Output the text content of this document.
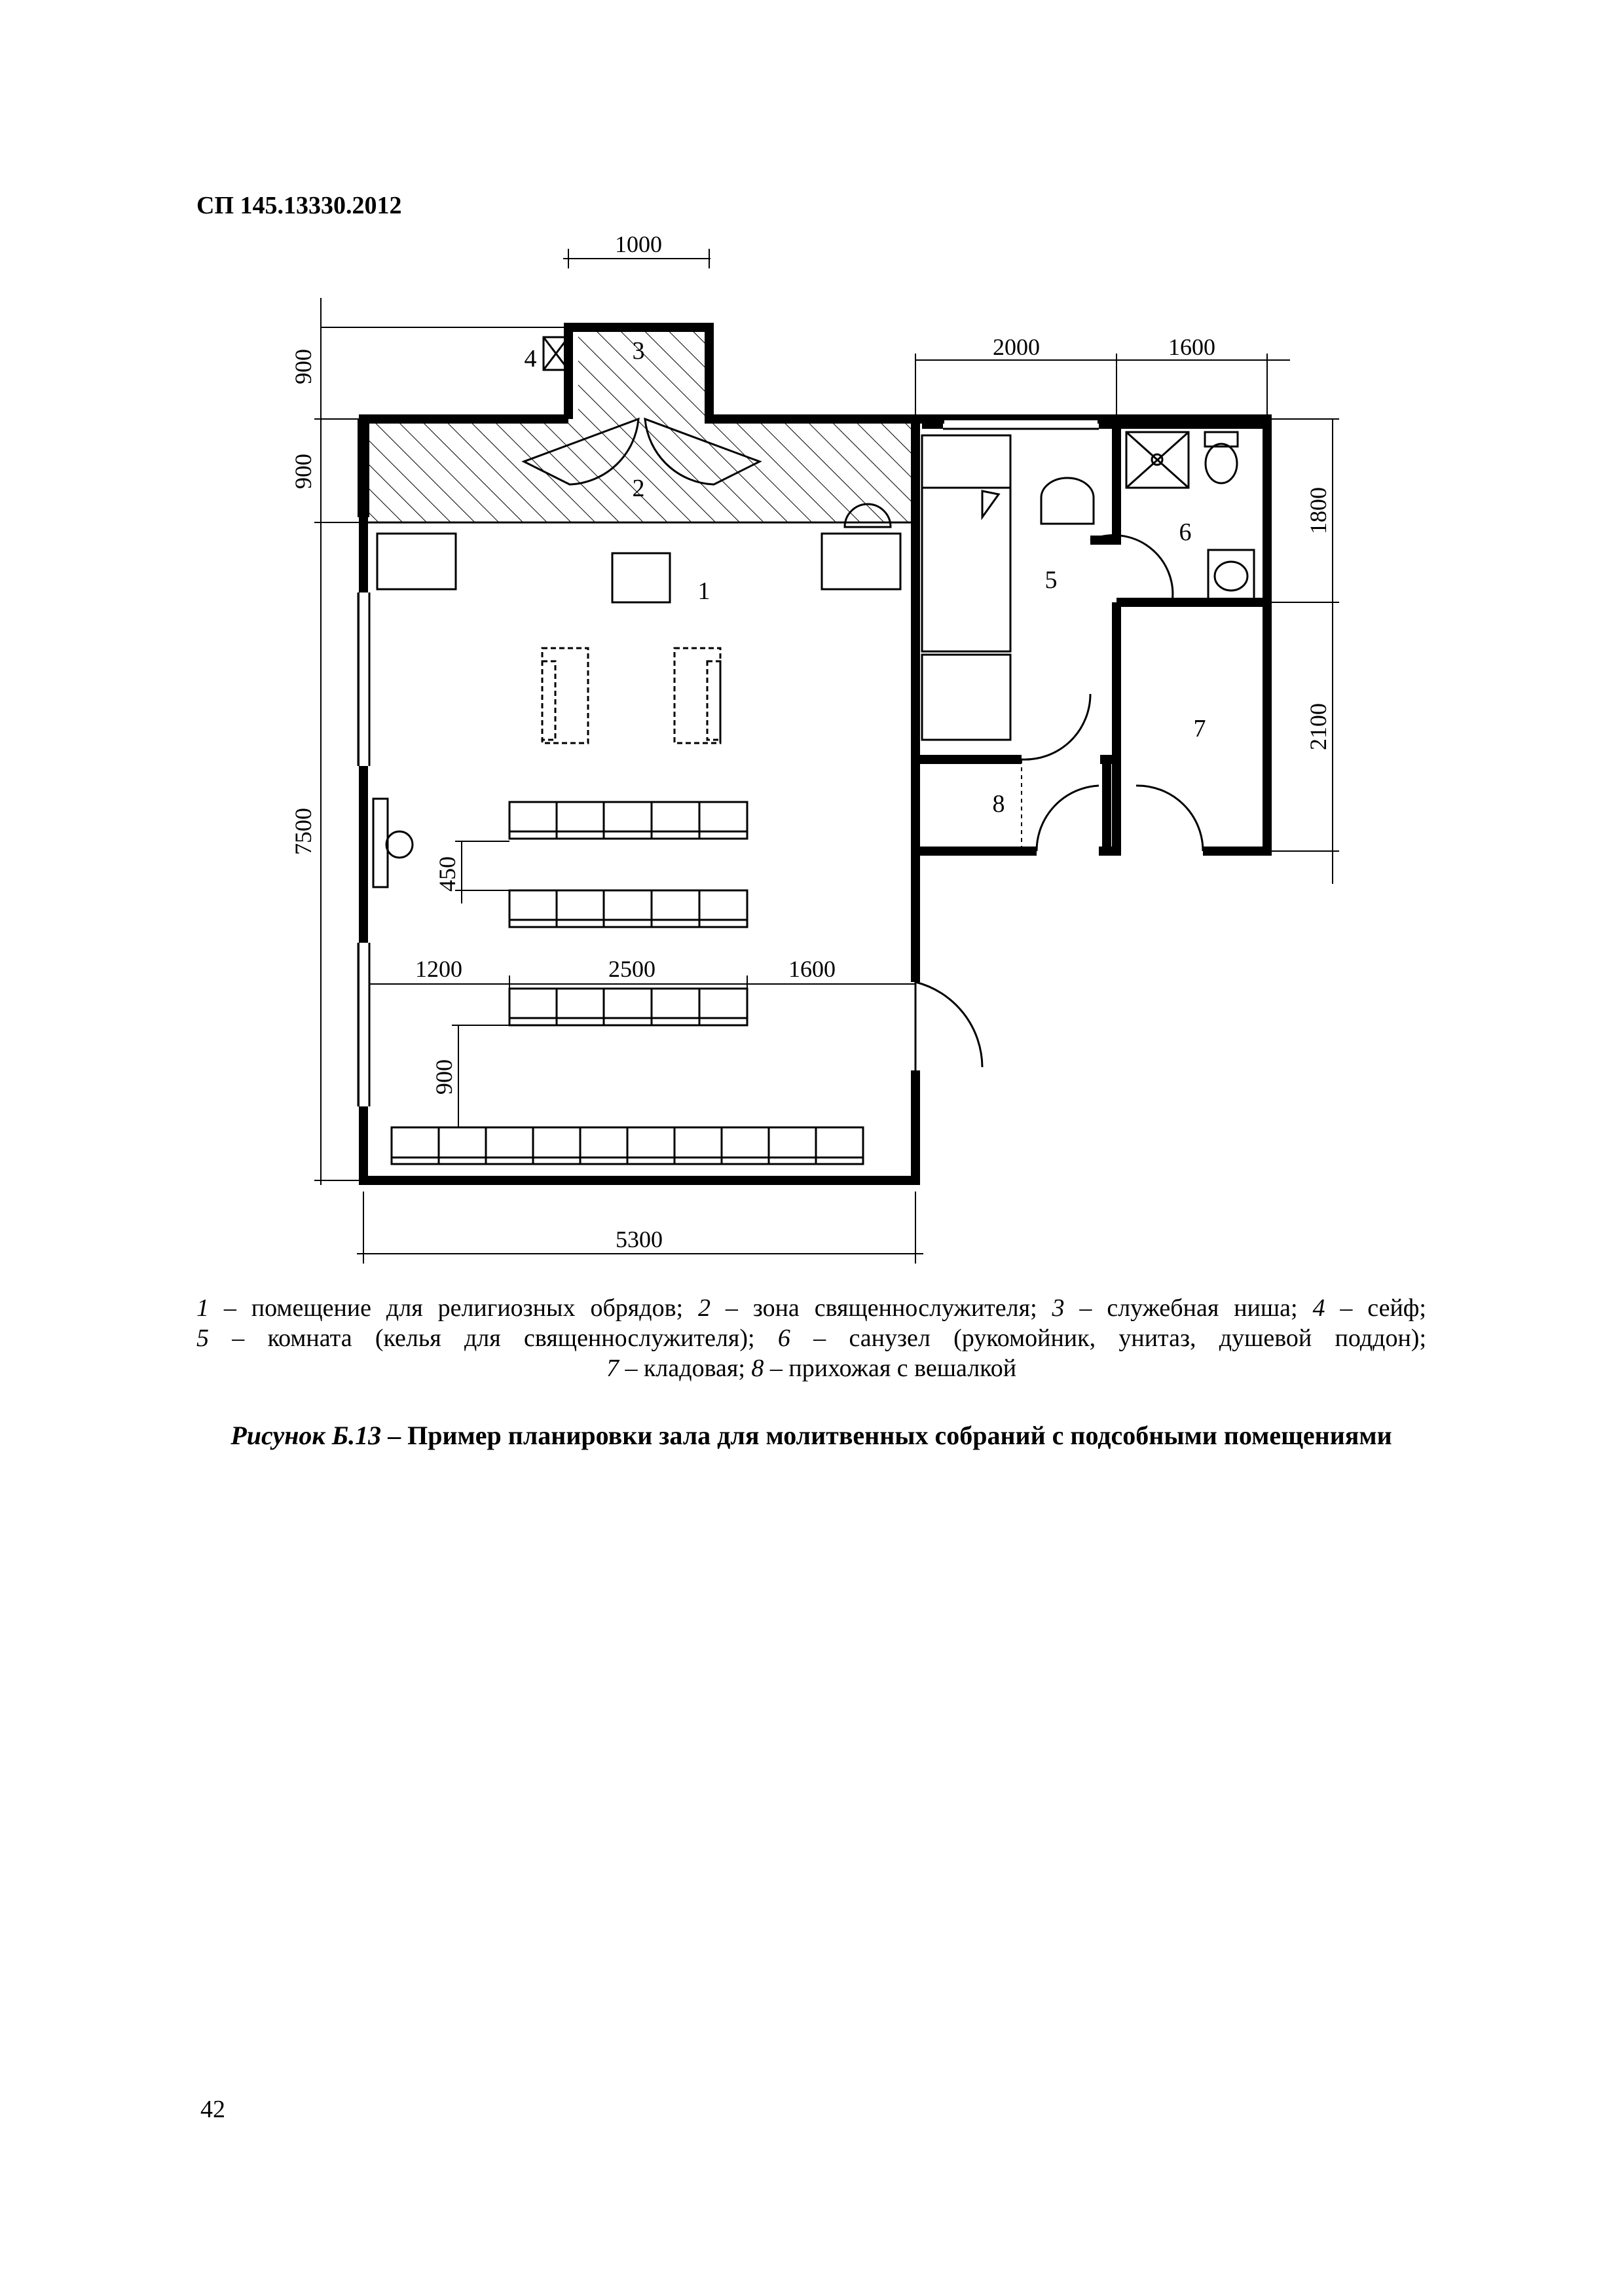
СП 145.13330.2012
1000
900
900
7500
5300
2000	1600
1800
2100
450
1200	2500	1600
900
1
2
3
4
5
6
7
8
1 – помещение для религиозных обрядов; 2 – зона священнослужителя; 3 – служебная ниша; 4 – сейф;
5 – комната (келья для священнослужителя); 6 – санузел (рукомойник, унитаз, душевой поддон);
7 – кладовая; 8 – прихожая с вешалкой
Рисунок Б.13 – Пример планировки зала для молитвенных собраний с подсобными помещениями
42
